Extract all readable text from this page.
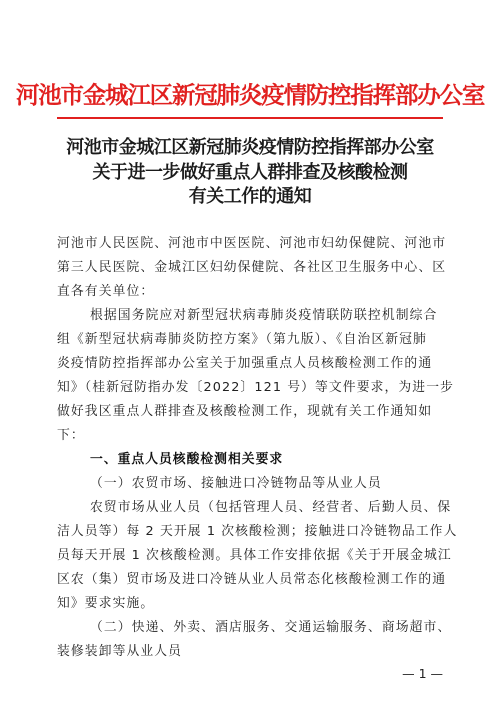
河池市金城江区新冠肺炎疫情防控指挥部办公室
河池市金城江区新冠肺炎疫情防控指挥部办公室
关于进一步做好重点人群排查及核酸检测
有关工作的通知
河池市人民医院、河池市中医医院、河池市妇幼保健院、河池市
第三人民医院、金城江区妇幼保健院、各社区卫生服务中心、区
直各有关单位：
根据国务院应对新型冠状病毒肺炎疫情联防联控机制综合
组《新型冠状病毒肺炎防控方案》（第九版）、《自治区新冠肺
炎疫情防控指挥部办公室关于加强重点人员核酸检测工作的通
知》（桂新冠防指办发〔2022〕121 号）等文件要求，为进一步
做好我区重点人群排查及核酸检测工作，现就有关工作通知如
下：
一、重点人员核酸检测相关要求
（一）农贸市场、接触进口冷链物品等从业人员
农贸市场从业人员（包括管理人员、经营者、后勤人员、保
洁人员等）每 2 天开展 1 次核酸检测；接触进口冷链物品工作人
员每天开展 1 次核酸检测。具体工作安排依据《关于开展金城江
区农（集）贸市场及进口冷链从业人员常态化核酸检测工作的通
知》要求实施。
（二）快递、外卖、酒店服务、交通运输服务、商场超市、
装修装卸等从业人员
— 1 —
